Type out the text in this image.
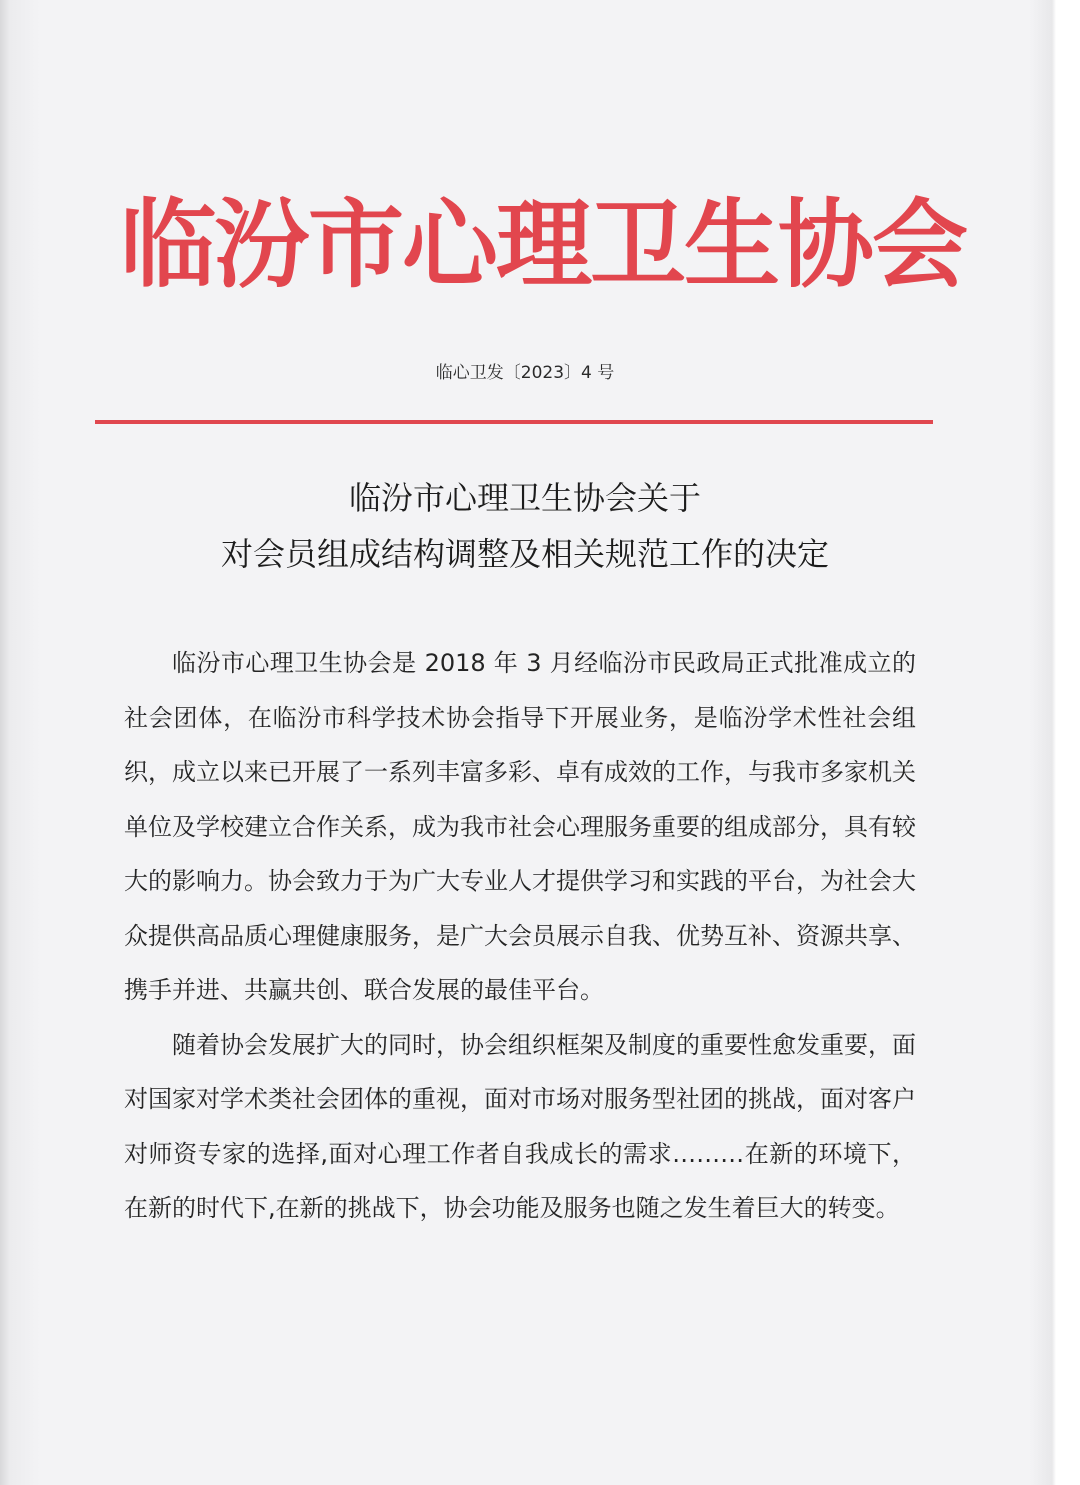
临汾市心理卫生协会
临心卫发〔2023〕4 号
临汾市心理卫生协会关于
对会员组成结构调整及相关规范工作的决定

临汾市心理卫生协会是 2018 年 3 月经临汾市民政局正式批准成立的社会团体，在临汾市科学技术协会指导下开展业务，是临汾学术性社会组织，成立以来已开展了一系列丰富多彩、卓有成效的工作，与我市多家机关单位及学校建立合作关系，成为我市社会心理服务重要的组成部分，具有较大的影响力。协会致力于为广大专业人才提供学习和实践的平台，为社会大众提供高品质心理健康服务，是广大会员展示自我、优势互补、资源共享、携手并进、共赢共创、联合发展的最佳平台。

随着协会发展扩大的同时，协会组织框架及制度的重要性愈发重要，面对国家对学术类社会团体的重视，面对市场对服务型社团的挑战，面对客户对师资专家的选择,面对心理工作者自我成长的需求………在新的环境下，在新的时代下,在新的挑战下，协会功能及服务也随之发生着巨大的转变。
